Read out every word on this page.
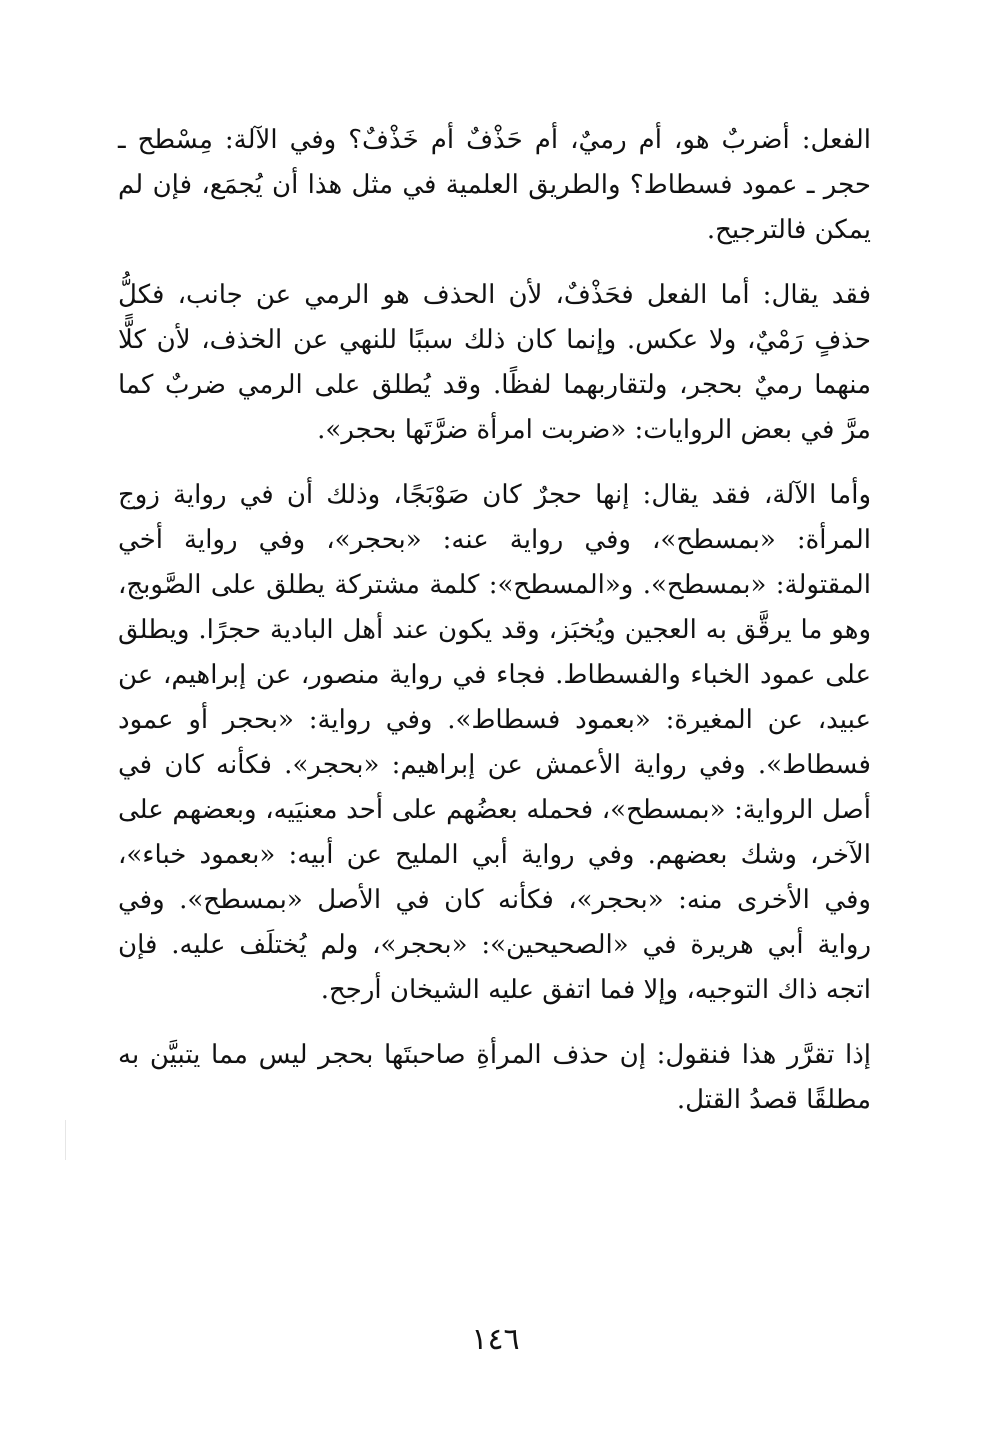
الفعل: أضربٌ هو، أم رميٌ، أم حَذْفٌ أم خَذْفٌ؟ وفي الآلة: مِسْطح ـ حجر ـ عمود فسطاط؟ والطريق العلمية في مثل هذا أن يُجمَع، فإن لم يمكن فالترجيح.

فقد يقال: أما الفعل فحَذْفٌ، لأن الحذف هو الرمي عن جانب، فكلُّ حذفٍ رَمْيٌ، ولا عكس. وإنما كان ذلك سببًا للنهي عن الخذف، لأن كلًّا منهما رميٌ بحجر، ولتقاربهما لفظًا. وقد يُطلق على الرمي ضربٌ كما مرَّ في بعض الروايات: «ضربت امرأة ضرَّتَها بحجر».

وأما الآلة، فقد يقال: إنها حجرٌ كان صَوْبَجًا، وذلك أن في رواية زوج المرأة: «بمسطح»، وفي رواية عنه: «بحجر»، وفي رواية أخي المقتولة: «بمسطح». و«المسطح»: كلمة مشتركة يطلق على الصَّوبج، وهو ما يرقَّق به العجين ويُخبَز، وقد يكون عند أهل البادية حجرًا. ويطلق على عمود الخباء والفسطاط. فجاء في رواية منصور، عن إبراهيم، عن عبيد، عن المغيرة: «بعمود فسطاط». وفي رواية: «بحجر أو عمود فسطاط». وفي رواية الأعمش عن إبراهيم: «بحجر». فكأنه كان في أصل الرواية: «بمسطح»، فحمله بعضُهم على أحد معنيَيه، وبعضهم على الآخر، وشك بعضهم. وفي رواية أبي المليح عن أبيه: «بعمود خباء»، وفي الأخرى منه: «بحجر»، فكأنه كان في الأصل «بمسطح». وفي رواية أبي هريرة في «الصحيحين»: «بحجر»، ولم يُختلَف عليه. فإن اتجه ذاك التوجيه، وإلا فما اتفق عليه الشيخان أرجح.

إذا تقرَّر هذا فنقول: إن حذف المرأةِ صاحبتَها بحجر ليس مما يتبيَّن به مطلقًا قصدُ القتل.

١٤٦
